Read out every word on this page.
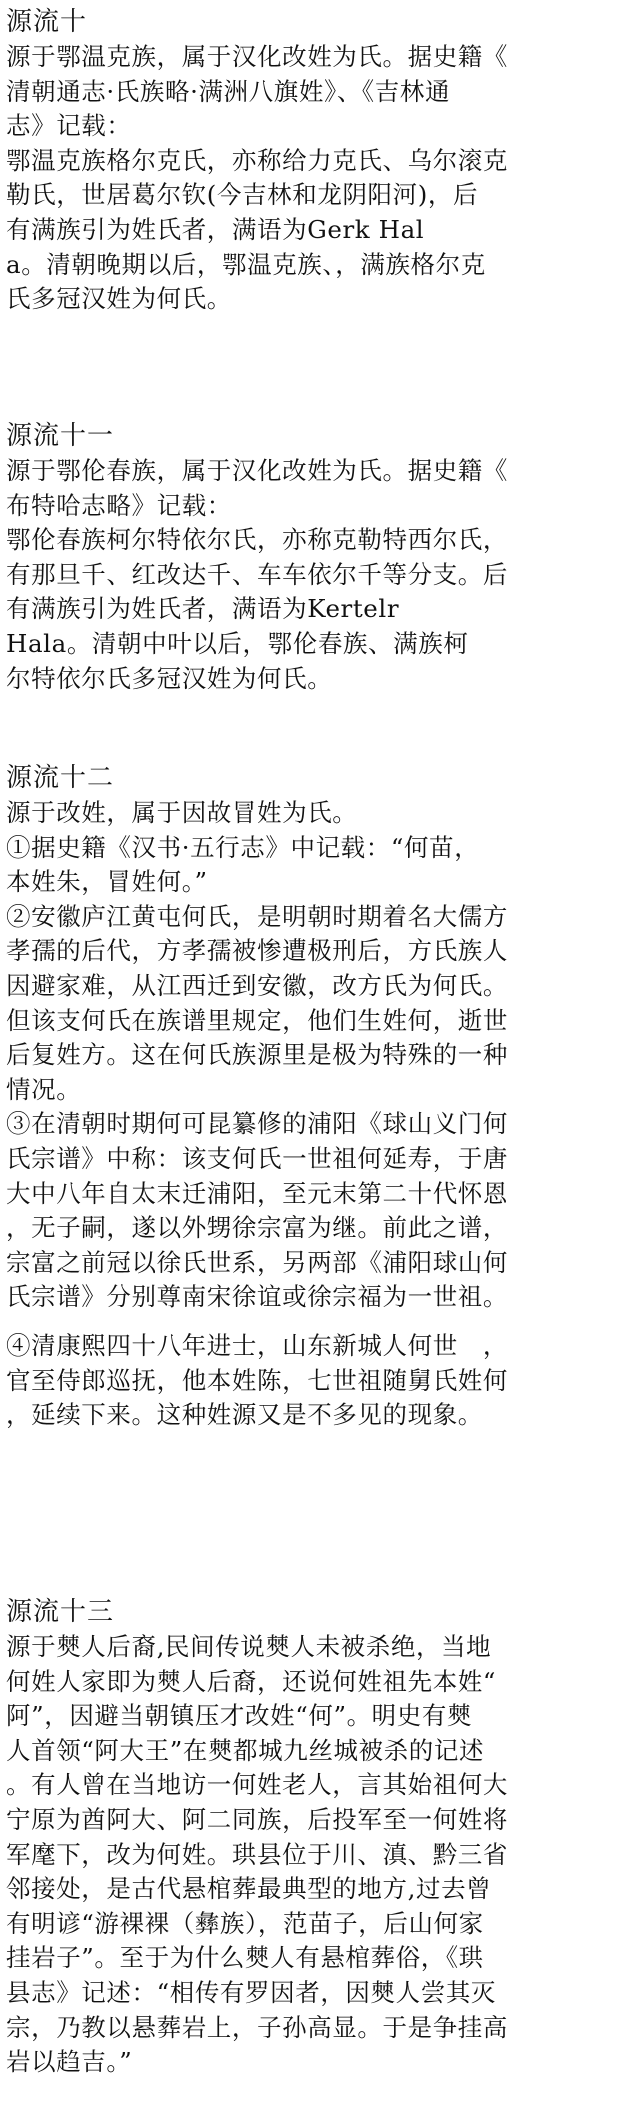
源流十
源于鄂温克族，属于汉化改姓为氏。据史籍《
清朝通志·氏族略·满洲八旗姓》、《吉林通
志》记载：
鄂温克族格尔克氏，亦称给力克氏、乌尔滚克
勒氏，世居葛尔钦(今吉林和龙阴阳河)，后
有满族引为姓氏者，满语为Gerk Hal
a。清朝晚期以后，鄂温克族、，满族格尔克
氏多冠汉姓为何氏。
源流十一
源于鄂伦春族，属于汉化改姓为氏。据史籍《
布特哈志略》记载：
鄂伦春族柯尔特依尔氏，亦称克勒特西尔氏，
有那旦千、红改达千、车车依尔千等分支。后
有满族引为姓氏者，满语为Kertelr
Hala。清朝中叶以后，鄂伦春族、满族柯
尔特依尔氏多冠汉姓为何氏。
源流十二
源于改姓，属于因故冒姓为氏。
①据史籍《汉书·五行志》中记载：“何苗，
本姓朱，冒姓何。”
②安徽庐江黄屯何氏，是明朝时期着名大儒方
孝孺的后代，方孝孺被惨遭极刑后，方氏族人
因避家难，从江西迁到安徽，改方氏为何氏。
但该支何氏在族谱里规定，他们生姓何，逝世
后复姓方。这在何氏族源里是极为特殊的一种
情况。
③在清朝时期何可昆纂修的浦阳《球山义门何
氏宗谱》中称：该支何氏一世祖何延寿，于唐
大中八年自太末迁浦阳，至元末第二十代怀恩
，无子嗣，遂以外甥徐宗富为继。前此之谱，
宗富之前冠以徐氏世系，另两部《浦阳球山何
氏宗谱》分别尊南宋徐谊或徐宗福为一世祖。
④清康熙四十八年进士，山东新城人何世　，
官至侍郎巡抚，他本姓陈，七世祖随舅氏姓何
，延续下来。这种姓源又是不多见的现象。
源流十三
源于僰人后裔,民间传说僰人未被杀绝，当地
何姓人家即为僰人后裔，还说何姓祖先本姓“
阿”，因避当朝镇压才改姓“何”。明史有僰
人首领“阿大王”在僰都城九丝城被杀的记述
。有人曾在当地访一何姓老人，言其始祖何大
宁原为酋阿大、阿二同族，后投军至一何姓将
军麾下，改为何姓。珙县位于川、滇、黔三省
邻接处，是古代悬棺葬最典型的地方,过去曾
有明谚“游裸裸（彝族），范苗子，后山何家
挂岩子”。至于为什么僰人有悬棺葬俗，《珙
县志》记述：“相传有罗因者，因僰人尝其灭
宗，乃教以悬葬岩上，子孙高显。于是争挂高
岩以趋吉。”
